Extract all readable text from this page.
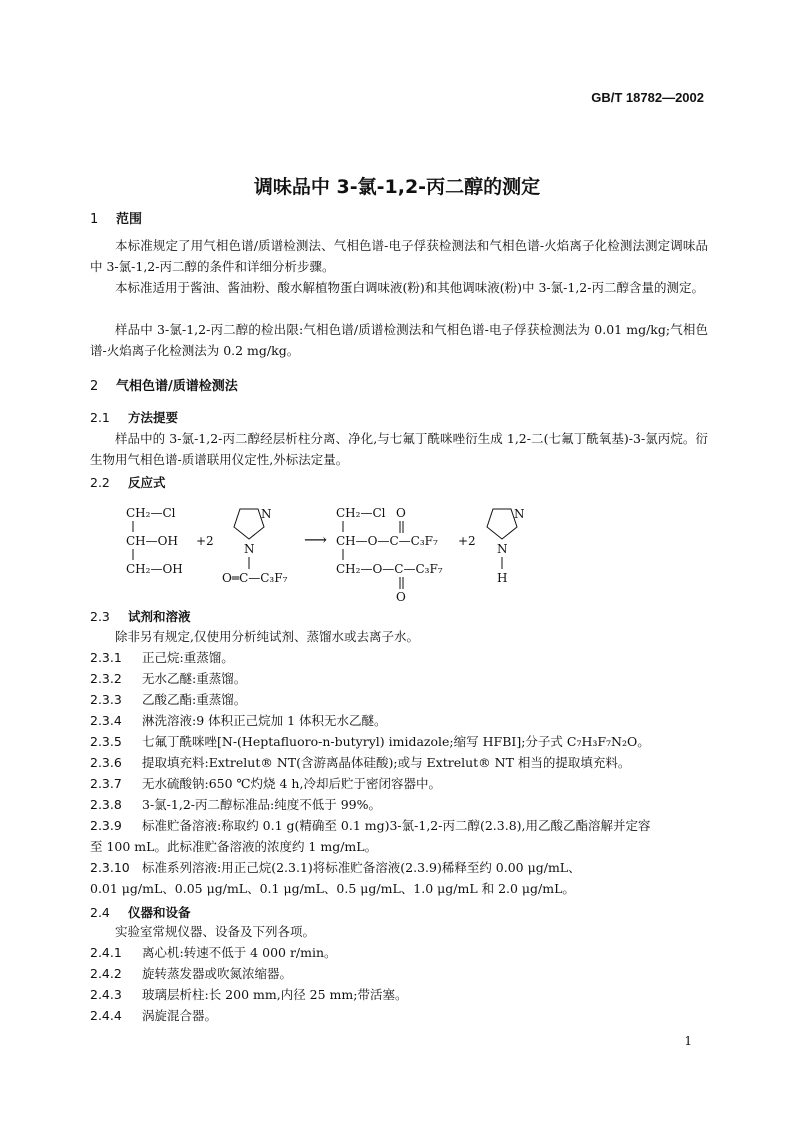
GB/T 18782—2002
调味品中 3-氯-1,2-丙二醇的测定
1 范围
本标准规定了用气相色谱/质谱检测法、气相色谱-电子俘获检测法和气相色谱-火焰离子化检测法测定调味品中 3-氯-1,2-丙二醇的条件和详细分析步骤。
本标准适用于酱油、酱油粉、酸水解植物蛋白调味液(粉)和其他调味液(粉)中 3-氯-1,2-丙二醇含量的测定。
样品中 3-氯-1,2-丙二醇的检出限:气相色谱/质谱检测法和气相色谱-电子俘获检测法为 0.01 mg/kg;气相色谱-火焰离子化检测法为 0.2 mg/kg。
2 气相色谱/质谱检测法
2.1 方法提要
样品中的 3-氯-1,2-丙二醇经层析柱分离、净化,与七氟丁酰咪唑衍生成 1,2-二(七氟丁酰氧基)-3-氯丙烷。衍生物用气相色谱-质谱联用仪定性,外标法定量。
2.2 反应式
CH₂—Cl
CH—OH
CH₂—OH
+2
N
N
O═C—C₃F₇
⟶
CH₂—Cl O
CH—O—C—C₃F₇
CH₂—O—C—C₃F₇
O
+2
N
N
H
2.3 试剂和溶液
除非另有规定,仅使用分析纯试剂、蒸馏水或去离子水。
2.3.1 正己烷:重蒸馏。
2.3.2 无水乙醚:重蒸馏。
2.3.3 乙酸乙酯:重蒸馏。
2.3.4 淋洗溶液:9 体积正己烷加 1 体积无水乙醚。
2.3.5 七氟丁酰咪唑[N-(Heptafluoro-n-butyryl) imidazole;缩写 HFBI];分子式 C₇H₃F₇N₂O。
2.3.6 提取填充料:Extrelut® NT(含游离晶体硅酸);或与 Extrelut® NT 相当的提取填充料。
2.3.7 无水硫酸钠:650 ℃灼烧 4 h,冷却后贮于密闭容器中。
2.3.8 3-氯-1,2-丙二醇标准品:纯度不低于 99%。
2.3.9 标准贮备溶液:称取约 0.1 g(精确至 0.1 mg)3-氯-1,2-丙二醇(2.3.8),用乙酸乙酯溶解并定容
至 100 mL。此标准贮备溶液的浓度约 1 mg/mL。
2.3.10 标准系列溶液:用正己烷(2.3.1)将标准贮备溶液(2.3.9)稀释至约 0.00 μg/mL、
0.01 μg/mL、0.05 μg/mL、0.1 μg/mL、0.5 μg/mL、1.0 μg/mL 和 2.0 μg/mL。
2.4 仪器和设备
实验室常规仪器、设备及下列各项。
2.4.1 离心机:转速不低于 4 000 r/min。
2.4.2 旋转蒸发器或吹氮浓缩器。
2.4.3 玻璃层析柱:长 200 mm,内径 25 mm;带活塞。
2.4.4 涡旋混合器。
1
